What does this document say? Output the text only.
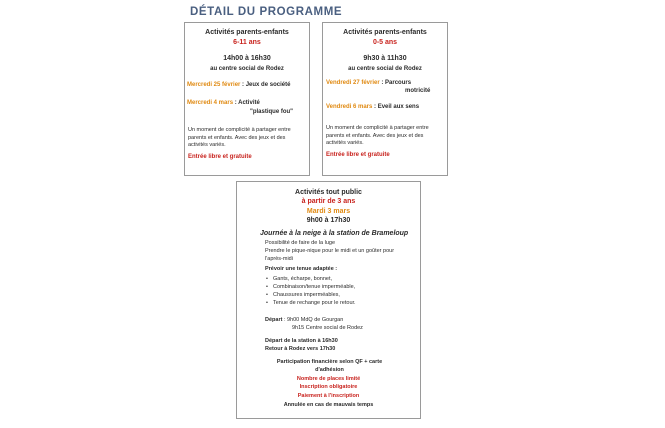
DÉTAIL DU PROGRAMME
Activités parents-enfants
6-11 ans
14h00 à 16h30
au centre social de Rodez
Mercredi 25 février : Jeux de société
Mercredi 4 mars : Activité
"plastique fou"
Un moment de complicité à partager entre parents et enfants. Avec des jeux et des activités variés.
Entrée libre et gratuite
Activités parents-enfants
0-5 ans
9h30 à 11h30
au centre social de Rodez
Vendredi 27 février : Parcours
motricité
Vendredi 6 mars : Eveil aux sens
Un moment de complicité à partager entre parents et enfants. Avec des jeux et des activités variés.
Entrée libre et gratuite
Activités tout public
à partir de 3 ans
Mardi 3 mars
9h00 à 17h30
Journée à la neige à la station de Brameloup
Possibilité de faire de la luge
Prendre le pique-nique pour le midi et un goûter pour l'après-midi
Prévoir une tenue adaptée :
• Gants, écharpe, bonnet,
• Combinaison/tenue imperméable,
• Chaussures imperméables,
• Tenue de rechange pour le retour.
Départ : 9h00 MdQ de Gourgan
9h15 Centre social de Rodez
Départ de la station à 16h30
Retour à Rodez vers 17h30
Participation financière selon QF + carte d'adhésion
Nombre de places limité
Inscription obligatoire
Paiement à l'inscription
Annulée en cas de mauvais temps
